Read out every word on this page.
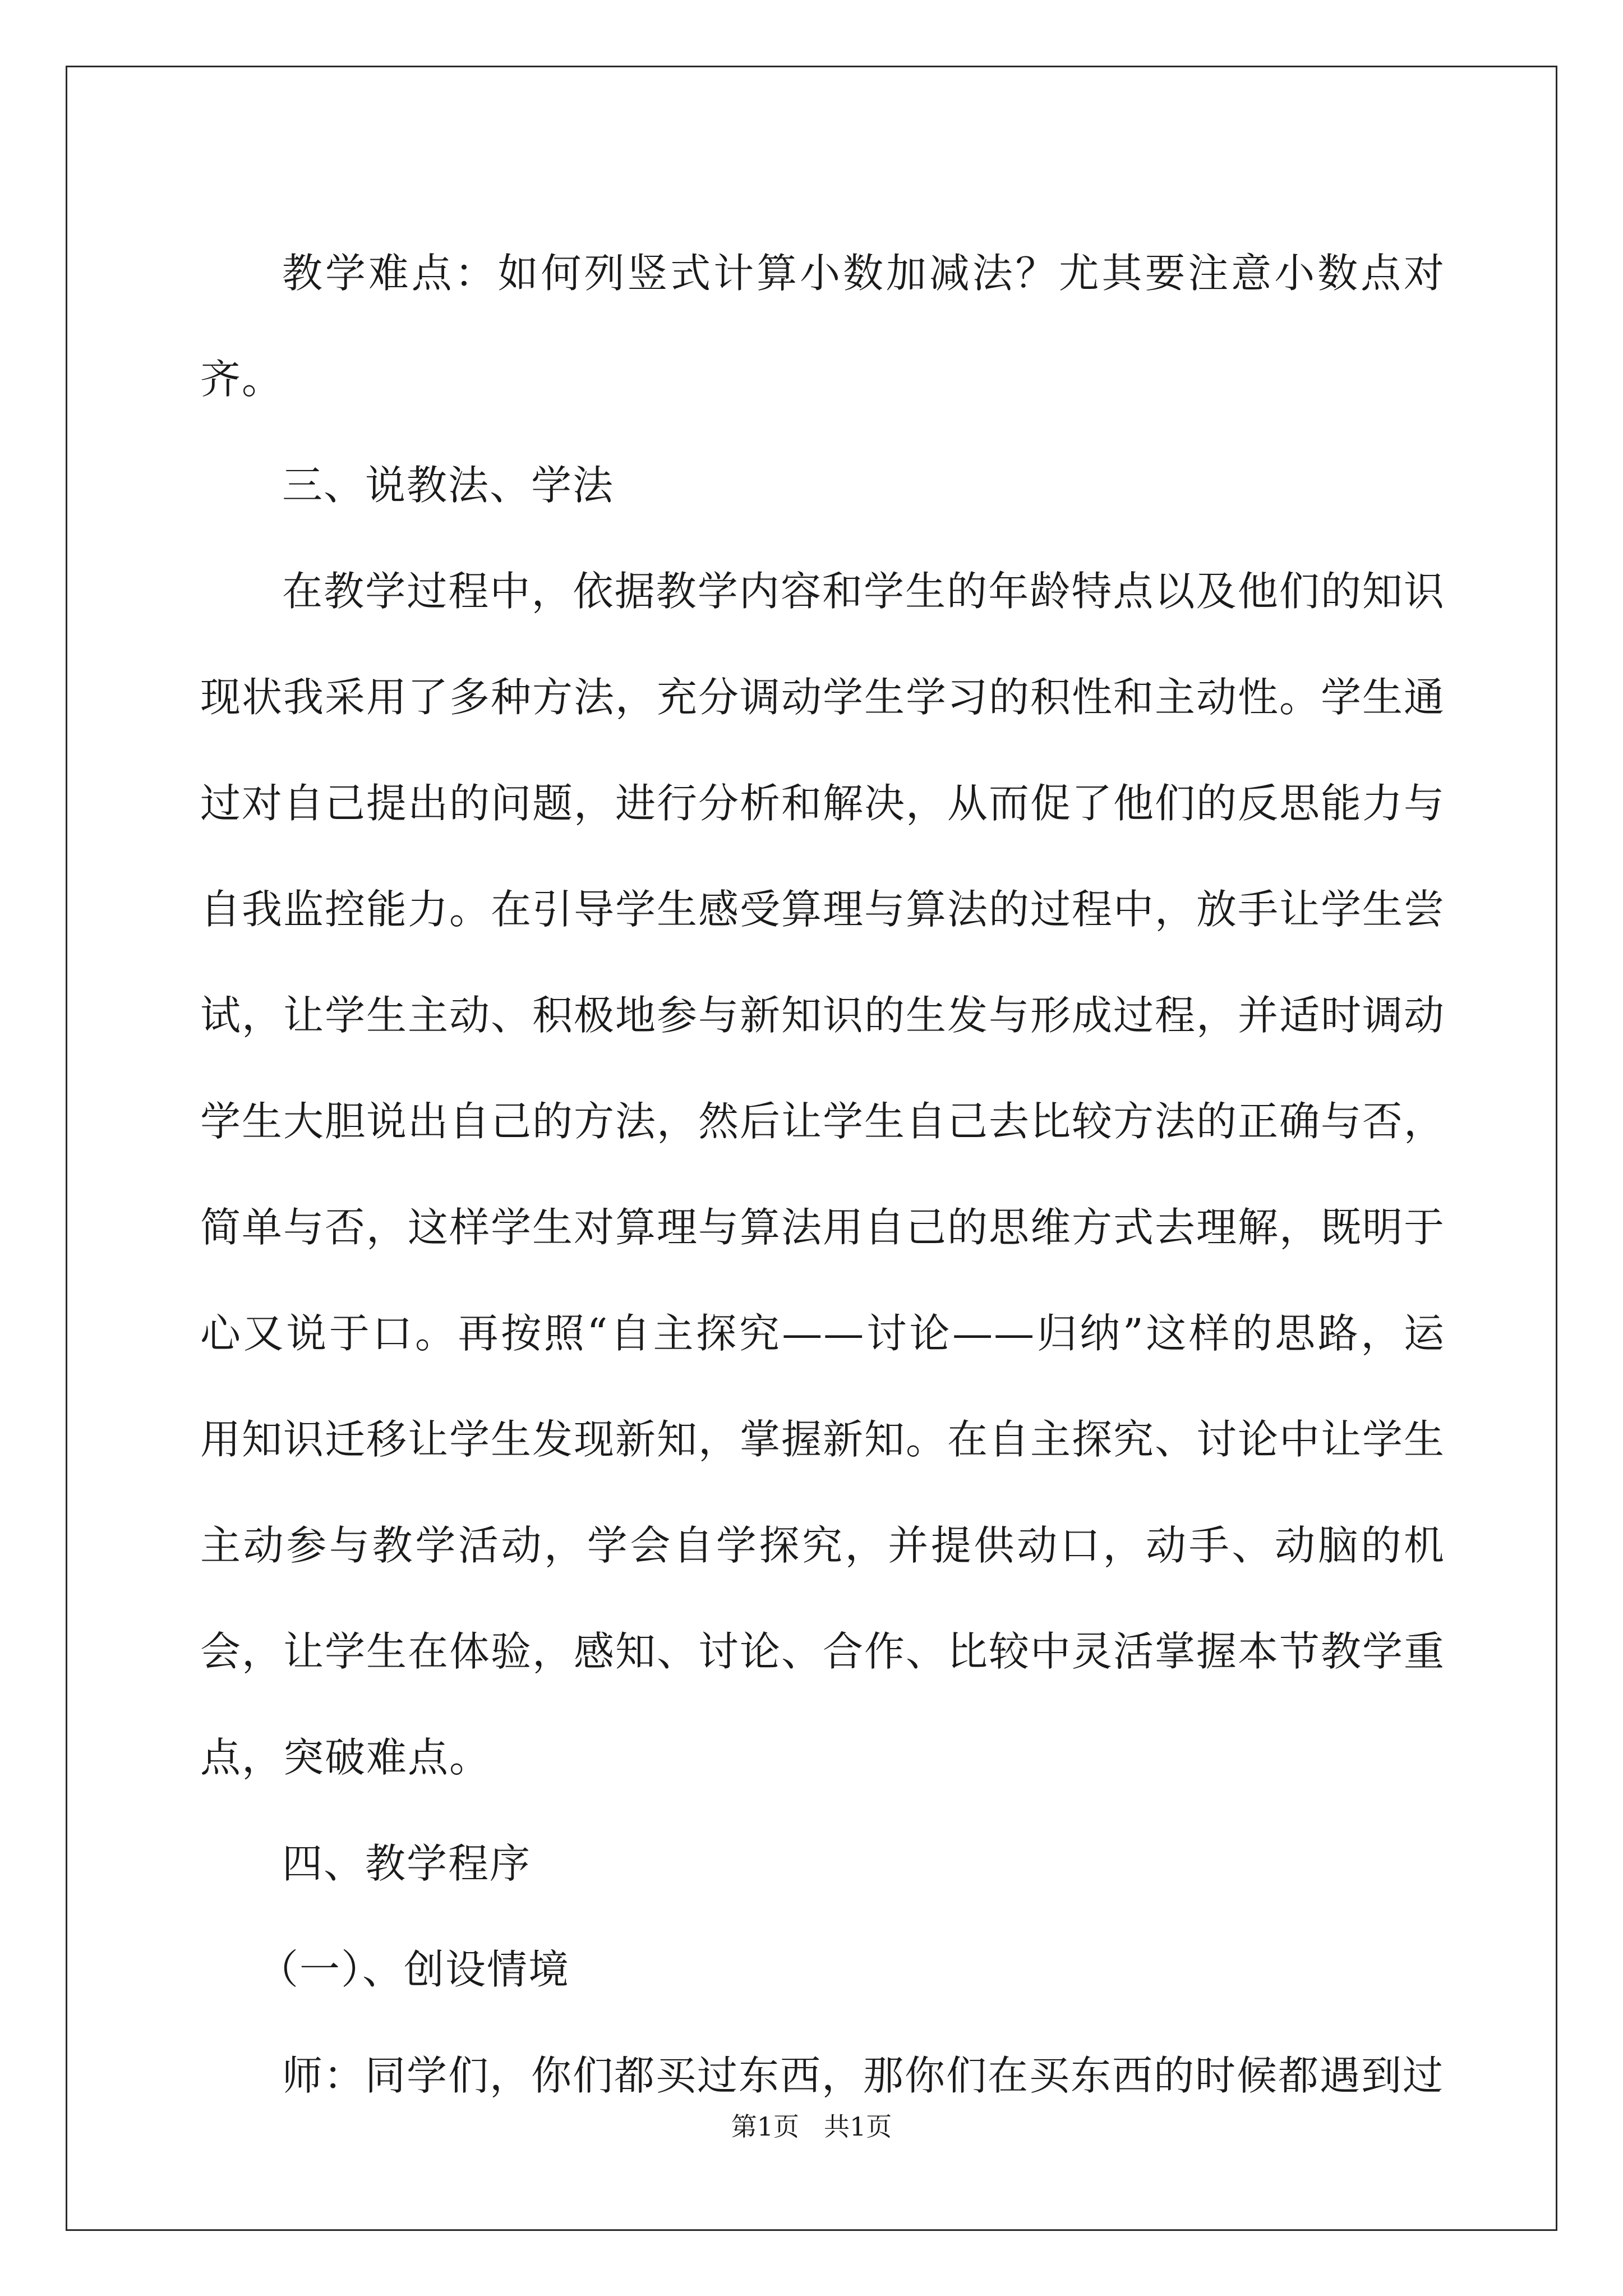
教学难点：如何列竖式计算小数加减法？尤其要注意小数点对齐。

三、说教法、学法

在教学过程中，依据教学内容和学生的年龄特点以及他们的知识现状我采用了多种方法，充分调动学生学习的积性和主动性。学生通过对自己提出的问题，进行分析和解决，从而促了他们的反思能力与自我监控能力。在引导学生感受算理与算法的过程中，放手让学生尝试，让学生主动、积极地参与新知识的生发与形成过程，并适时调动学生大胆说出自己的方法，然后让学生自己去比较方法的正确与否，简单与否，这样学生对算理与算法用自己的思维方式去理解，既明于心又说于口。再按照“自主探究——讨论——归纳”这样的思路，运用知识迁移让学生发现新知，掌握新知。在自主探究、讨论中让学生主动参与教学活动，学会自学探究，并提供动口，动手、动脑的机会，让学生在体验，感知、讨论、合作、比较中灵活掌握本节教学重点，突破难点。

四、教学程序

（一）、创设情境

师：同学们，你们都买过东西，那你们在买东西的时候都遇到过

第1页 共1页
